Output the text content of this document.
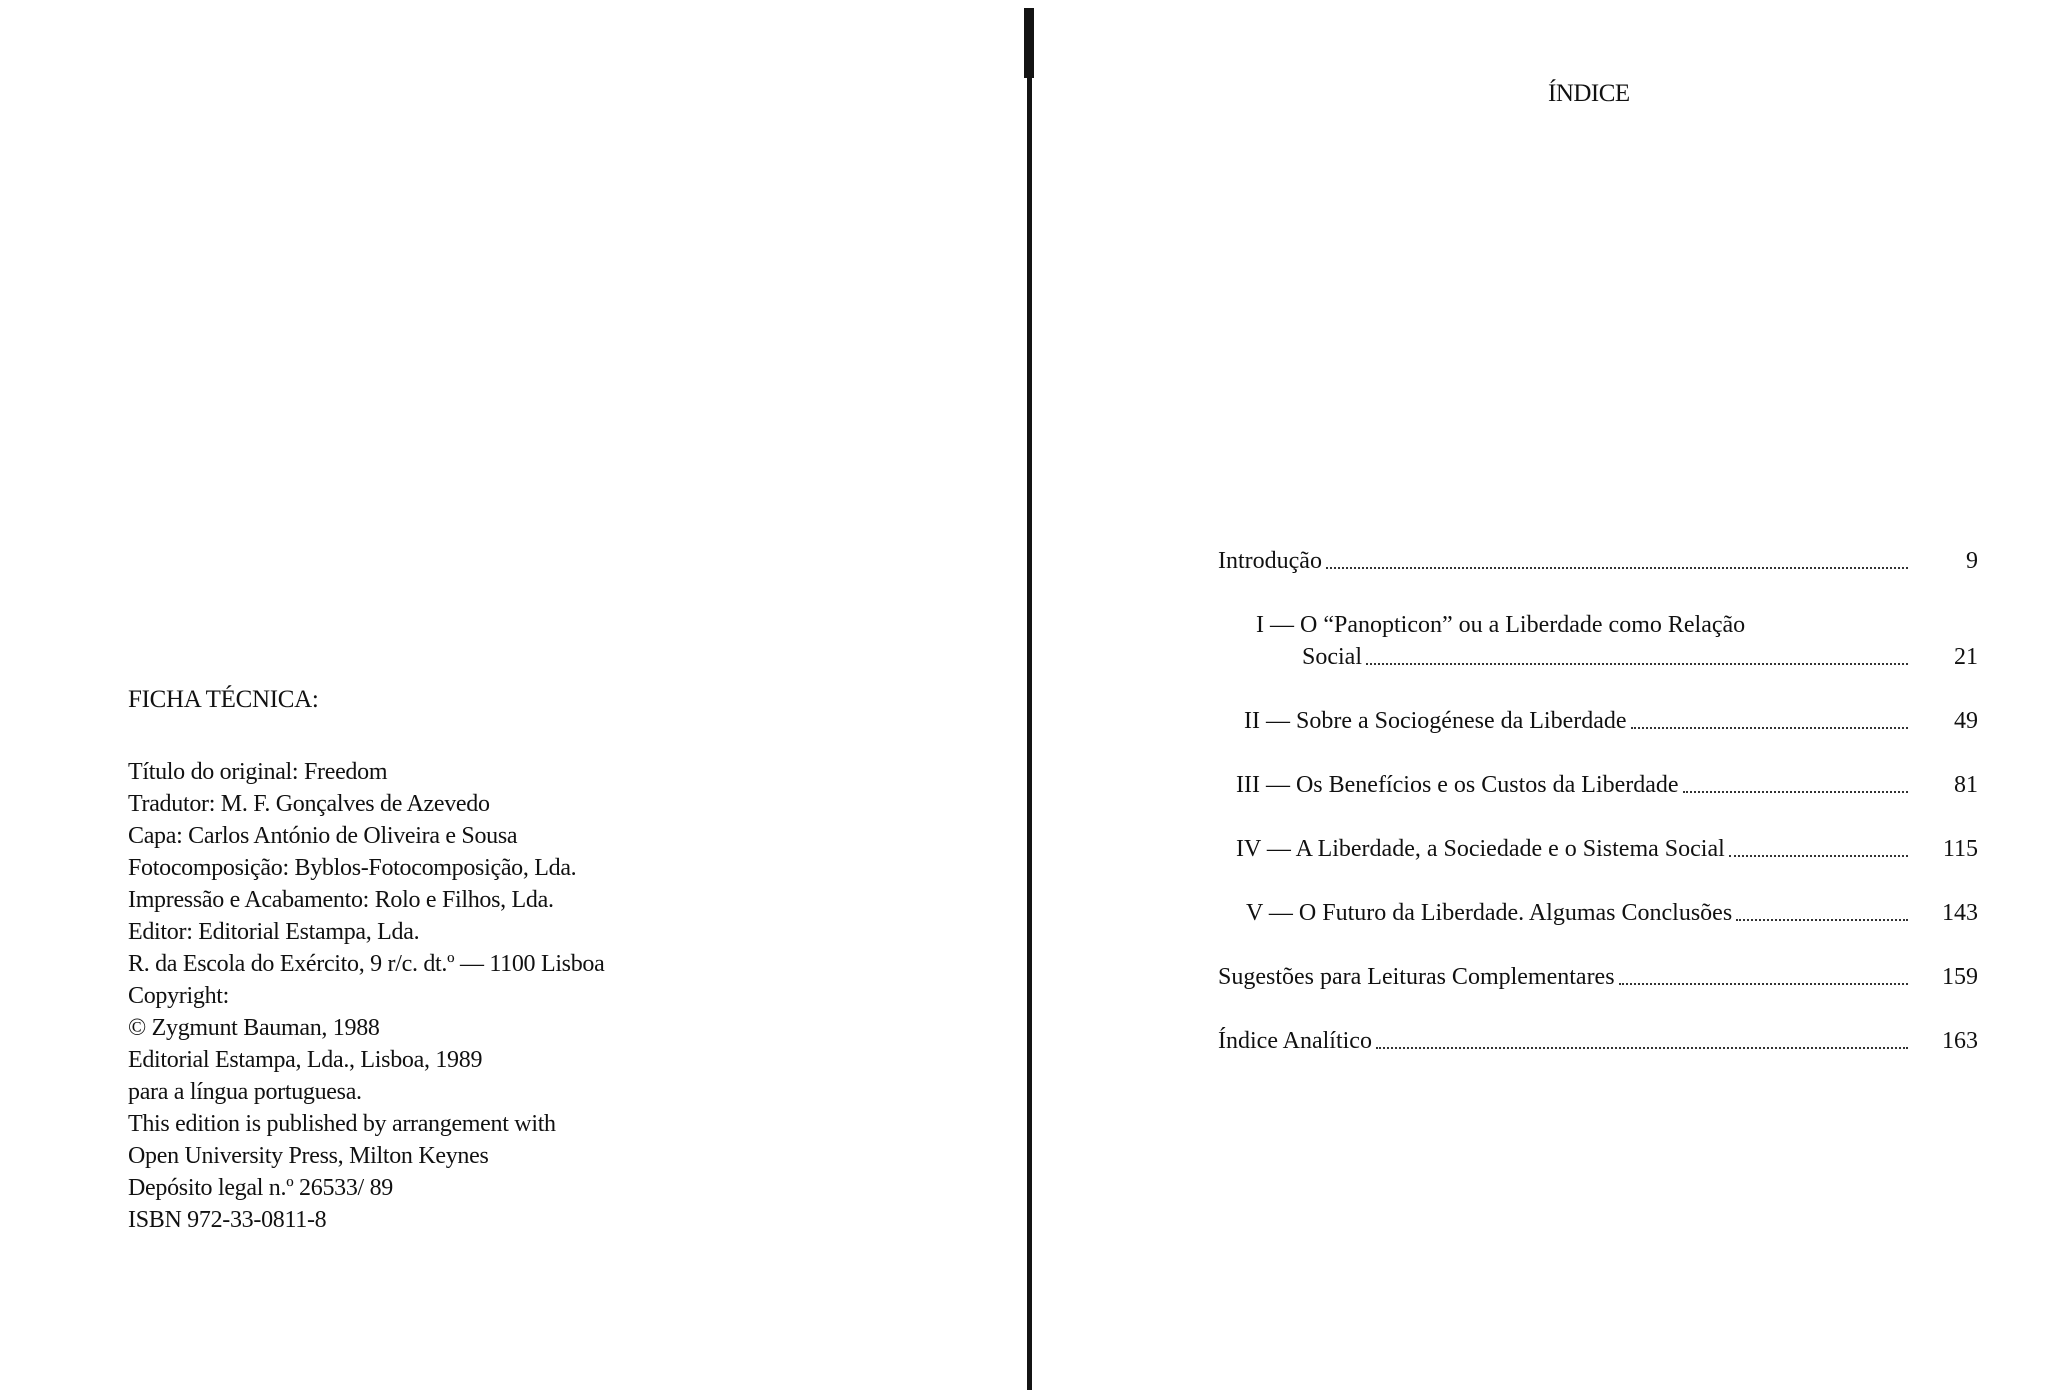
FICHA TÉCNICA:
Título do original: Freedom
Tradutor: M. F. Gonçalves de Azevedo
Capa: Carlos António de Oliveira e Sousa
Fotocomposição: Byblos-Fotocomposição, Lda.
Impressão e Acabamento: Rolo e Filhos, Lda.
Editor: Editorial Estampa, Lda.
R. da Escola do Exército, 9 r/c. dt.º — 1100 Lisboa
Copyright:
© Zygmunt Bauman, 1988
Editorial Estampa, Lda., Lisboa, 1989
para a língua portuguesa.
This edition is published by arrangement with
Open University Press, Milton Keynes
Depósito legal n.º 26533/ 89
ISBN 972-33-0811-8
ÍNDICE
Introdução	9
I — O “Panopticon” ou a Liberdade como Relação
Social	21
II — Sobre a Sociogénese da Liberdade	49
III — Os Benefícios e os Custos da Liberdade	81
IV — A Liberdade, a Sociedade e o Sistema Social	115
V — O Futuro da Liberdade. Algumas Conclusões	143
Sugestões para Leituras Complementares	159
Índice Analítico	163
